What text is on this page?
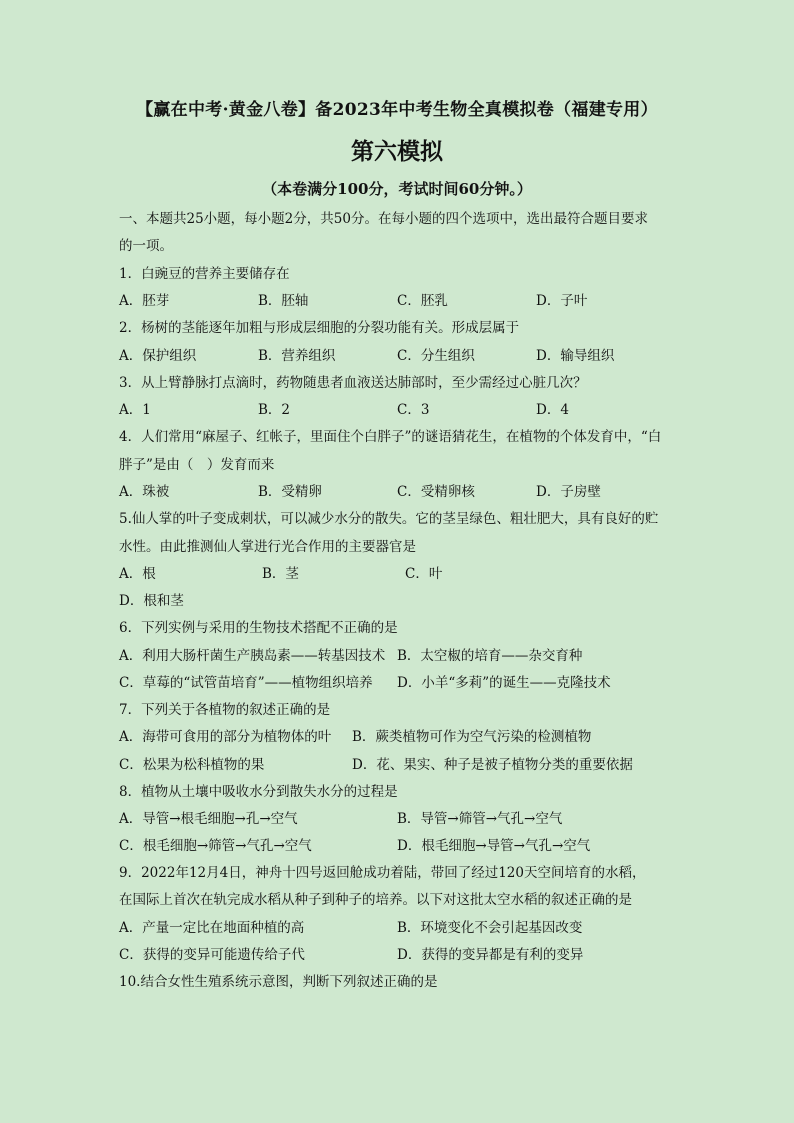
【赢在中考·黄金八卷】备2023年中考生物全真模拟卷（福建专用）
第六模拟
（本卷满分100分，考试时间60分钟。）
一、本题共25小题，每小题2分，共50分。在每小题的四个选项中，选出最符合题目要求
的一项。
1．白豌豆的营养主要储存在
A．胚芽	B．胚轴	C．胚乳	D．子叶
2．杨树的茎能逐年加粗与形成层细胞的分裂功能有关。形成层属于
A．保护组织	B．营养组织	C．分生组织	D．输导组织
3．从上臂静脉打点滴时，药物随患者血液送达肺部时，至少需经过心脏几次？
A．1	B．2	C．3	D．4
4．人们常用“麻屋子、红帐子，里面住个白胖子”的谜语猜花生，在植物的个体发育中，“白
胖子”是由（　）发育而来
A．珠被	B．受精卵	C．受精卵核	D．子房壁
5.仙人掌的叶子变成刺状，可以减少水分的散失。它的茎呈绿色、粗壮肥大，具有良好的贮
水性。由此推测仙人掌进行光合作用的主要器官是
A．根	B．茎	C．叶
D．根和茎
6．下列实例与采用的生物技术搭配不正确的是
A．利用大肠杆菌生产胰岛素——转基因技术 B．太空椒的培育——杂交育种
C．草莓的“试管苗培育”——植物组织培养 D．小羊“多莉”的诞生——克隆技术
7．下列关于各植物的叙述正确的是
A．海带可食用的部分为植物体的叶 B．蕨类植物可作为空气污染的检测植物
C．松果为松科植物的果	D．花、果实、种子是被子植物分类的重要依据
8．植物从土壤中吸收水分到散失水分的过程是
A．导管→根毛细胞→孔→空气	B．导管→筛管→气孔→空气
C．根毛细胞→筛管→气孔→空气	D．根毛细胞→导管→气孔→空气
9．2022年12月4日，神舟十四号返回舱成功着陆，带回了经过120天空间培育的水稻，
在国际上首次在轨完成水稻从种子到种子的培养。以下对这批太空水稻的叙述正确的是
A．产量一定比在地面种植的高	B．环境变化不会引起基因改变
C．获得的变异可能遗传给子代	D．获得的变异都是有利的变异
10.结合女性生殖系统示意图，判断下列叙述正确的是
